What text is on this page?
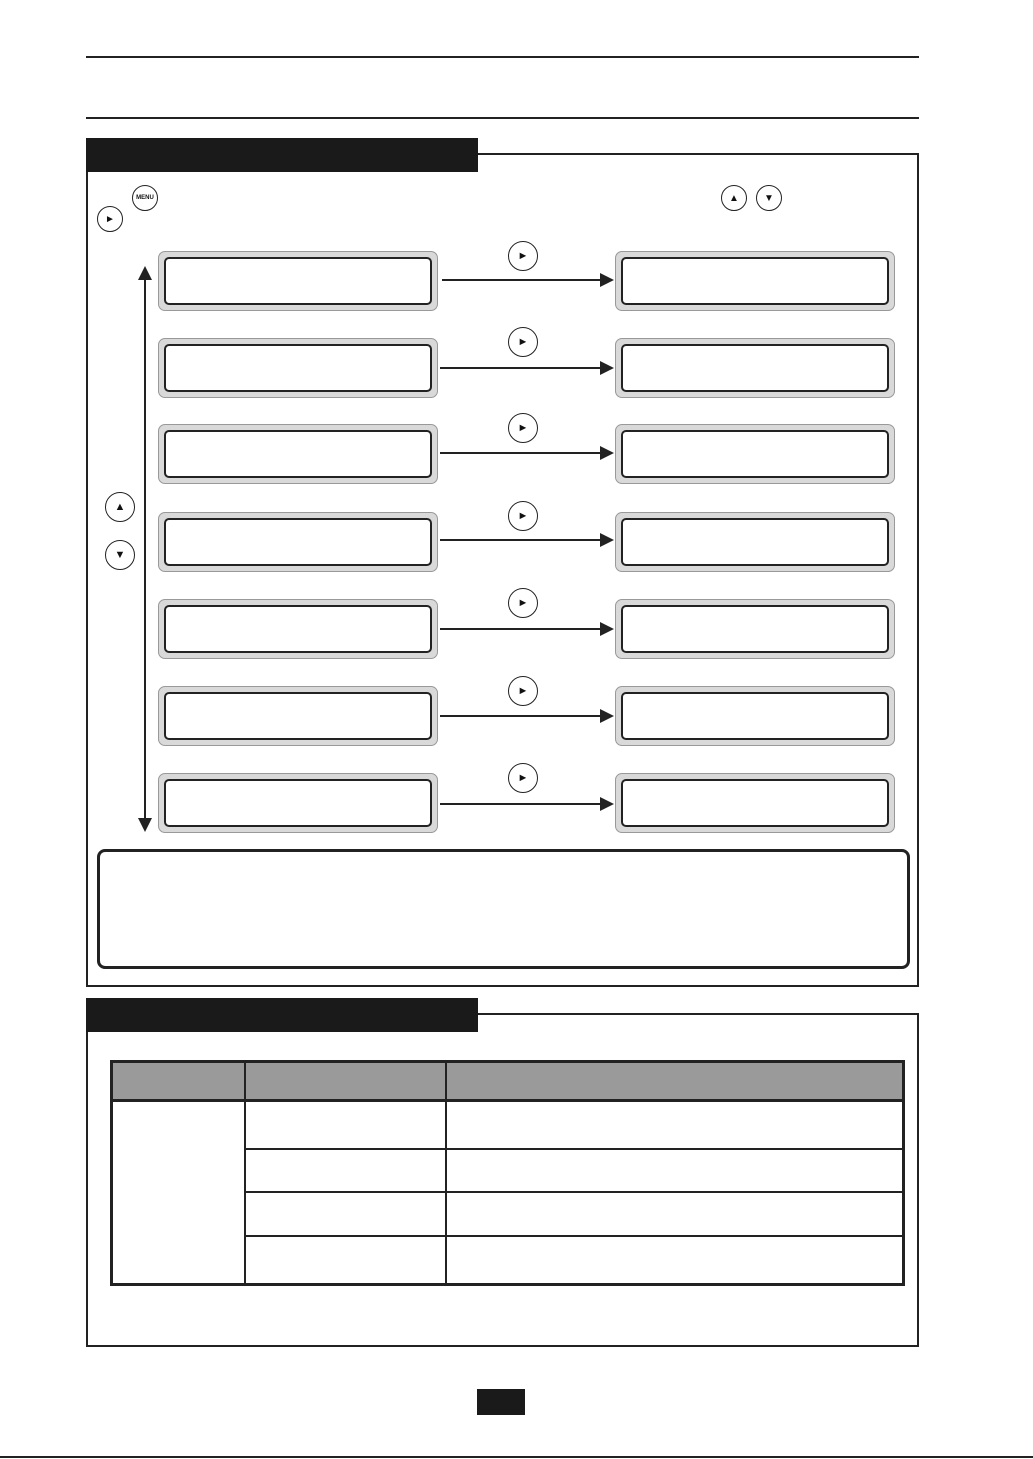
MENU
►
▲	▼
▲
▼
►
►
►
►
►
►
►
